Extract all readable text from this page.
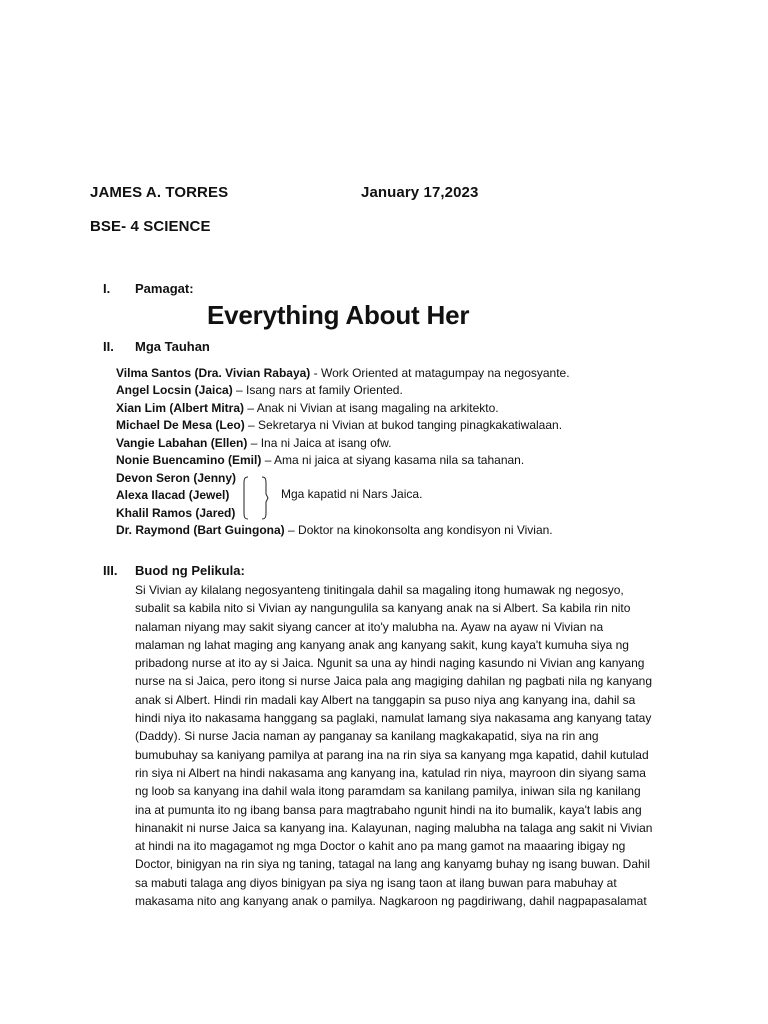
JAMES A. TORRES	January 17,2023
BSE- 4 SCIENCE
I. Pamagat:
Everything About Her
II. Mga Tauhan
Vilma Santos (Dra. Vivian Rabaya) - Work Oriented at matagumpay na negosyante.
Angel Locsin (Jaica) – Isang nars at family Oriented.
Xian Lim (Albert Mitra) – Anak ni Vivian at isang magaling na arkitekto.
Michael De Mesa (Leo) – Sekretarya ni Vivian at bukod tanging pinagkakatiwalaan.
Vangie Labahan (Ellen) – Ina ni Jaica at isang ofw.
Nonie Buencamino (Emil) – Ama ni jaica at siyang kasama nila sa tahanan.
Devon Seron (Jenny)
Alexa Ilacad (Jewel)
Khalil Ramos (Jared)
Mga kapatid ni Nars Jaica.
Dr. Raymond (Bart Guingona) – Doktor na kinokonsolta ang kondisyon ni Vivian.
III. Buod ng Pelikula:
Si Vivian ay kilalang negosyanteng tinitingala dahil sa magaling itong humawak ng negosyo,
subalit sa kabila nito si Vivian ay nangungulila sa kanyang anak na si Albert. Sa kabila rin nito
nalaman niyang may sakit siyang cancer at ito'y malubha na. Ayaw na ayaw ni Vivian na
malaman ng lahat maging ang kanyang anak ang kanyang sakit, kung kaya't kumuha siya ng
pribadong nurse at ito ay si Jaica. Ngunit sa una ay hindi naging kasundo ni Vivian ang kanyang
nurse na si Jaica, pero itong si nurse Jaica pala ang magiging dahilan ng pagbati nila ng kanyang
anak si Albert. Hindi rin madali kay Albert na tanggapin sa puso niya ang kanyang ina, dahil sa
hindi niya ito nakasama hanggang sa paglaki, namulat lamang siya nakasama ang kanyang tatay
(Daddy). Si nurse Jacia naman ay panganay sa kanilang magkakapatid, siya na rin ang
bumubuhay sa kaniyang pamilya at parang ina na rin siya sa kanyang mga kapatid, dahil kutulad
rin siya ni Albert na hindi nakasama ang kanyang ina, katulad rin niya, mayroon din siyang sama
ng loob sa kanyang ina dahil wala itong paramdam sa kanilang pamilya, iniwan sila ng kanilang
ina at pumunta ito ng ibang bansa para magtrabaho ngunit hindi na ito bumalik, kaya't labis ang
hinanakit ni nurse Jaica sa kanyang ina. Kalayunan, naging malubha na talaga ang sakit ni Vivian
at hindi na ito magagamot ng mga Doctor o kahit ano pa mang gamot na maaaring ibigay ng
Doctor, binigyan na rin siya ng taning, tatagal na lang ang kanyamg buhay ng isang buwan. Dahil
sa mabuti talaga ang diyos binigyan pa siya ng isang taon at ilang buwan para mabuhay at
makasama nito ang kanyang anak o pamilya. Nagkaroon ng pagdiriwang, dahil nagpapasalamat
